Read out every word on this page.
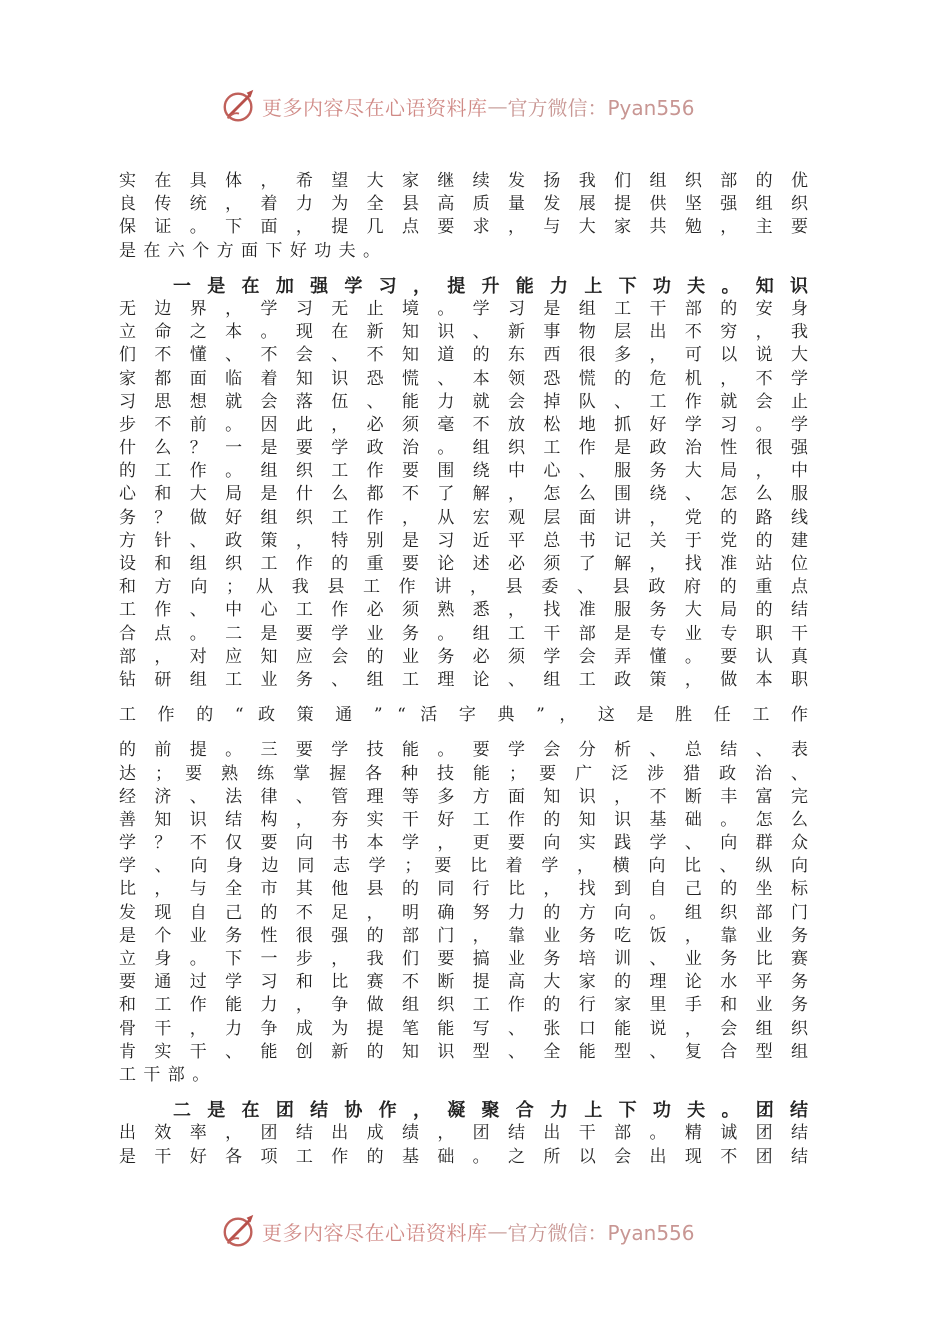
更多内容尽在心语资料库 — 官方微信：Pyan556
实 在 具 体 ， 希 望 大 家 继 续 发 扬 我 们 组 织 部 的 优
良 传 统 ， 着 力 为 全 县 高 质 量 发 展 提 供 坚 强 组 织
保 证 。 下 面 ， 提 几 点 要 求 ， 与 大 家 共 勉 ， 主 要
是 在 六 个 方 面 下 好 功 夫 。
一 是 在 加 强 学 习 ， 提 升 能 力 上 下 功 夫 。 知 识
无 边 界 ， 学 习 无 止 境 。 学 习 是 组 工 干 部 的 安 身
立 命 之 本 。 现 在 新 知 识 、 新 事 物 层 出 不 穷 ， 我
们 不 懂 、 不 会 、 不 知 道 的 东 西 很 多 ， 可 以 说 大
家 都 面 临 着 知 识 恐 慌 、 本 领 恐 慌 的 危 机 ， 不 学
习 思 想 就 会 落 伍 、 能 力 就 会 掉 队 、 工 作 就 会 止
步 不 前 。 因 此 ， 必 须 毫 不 放 松 地 抓 好 学 习 。 学
什 么 ？ 一 是 要 学 政 治 。 组 织 工 作 是 政 治 性 很 强
的 工 作 。 组 织 工 作 要 围 绕 中 心 、 服 务 大 局 ， 中
心 和 大 局 是 什 么 都 不 了 解 ， 怎 么 围 绕 、 怎 么 服
务 ？ 做 好 组 织 工 作 ， 从 宏 观 层 面 讲 ， 党 的 路 线
方 针 、 政 策 ， 特 别 是 习 近 平 总 书 记 关 于 党 的 建
设 和 组 织 工 作 的 重 要 论 述 必 须 了 解 ， 找 准 站 位
和 方 向 ； 从 我 县 工 作 讲 ， 县 委 、 县 政 府 的 重 点
工 作 、 中 心 工 作 必 须 熟 悉 ， 找 准 服 务 大 局 的 结
合 点 。 二 是 要 学 业 务 。 组 工 干 部 是 专 业 专 职 干
部 ， 对 应 知 应 会 的 业 务 必 须 学 会 弄 懂 。 要 认 真
钻 研 组 工 业 务 、 组 工 理 论 、 组 工 政 策 ， 做 本 职
工 作 的 “ 政 策 通 ” “ 活 字 典 ” ， 这 是 胜 任 工 作
的 前 提 。 三 要 学 技 能 。 要 学 会 分 析 、 总 结 、 表
达 ； 要 熟 练 掌 握 各 种 技 能 ； 要 广 泛 涉 猎 政 治 、
经 济 、 法 律 、 管 理 等 多 方 面 知 识 ， 不 断 丰 富 完
善 知 识 结 构 ， 夯 实 干 好 工 作 的 知 识 基 础 。 怎 么
学 ？ 不 仅 要 向 书 本 学 ， 更 要 向 实 践 学 、 向 群 众
学 、 向 身 边 同 志 学 ； 要 比 着 学 ， 横 向 比 、 纵 向
比 ， 与 全 市 其 他 县 的 同 行 比 ， 找 到 自 己 的 坐 标
发 现 自 己 的 不 足 ， 明 确 努 力 的 方 向 。 组 织 部 门
是 个 业 务 性 很 强 的 部 门 ， 靠 业 务 吃 饭 ， 靠 业 务
立 身 。 下 一 步 ， 我 们 要 搞 业 务 培 训 、 业 务 比 赛
要 通 过 学 习 和 比 赛 不 断 提 高 大 家 的 理 论 水 平 务
和 工 作 能 力 ， 争 做 组 织 工 作 的 行 家 里 手 和 业 务
骨 干 ， 力 争 成 为 提 笔 能 写 、 张 口 能 说 ， 会 组 织
肯 实 干 、 能 创 新 的 知 识 型 、 全 能 型 、 复 合 型 组
工 干 部 。
二 是 在 团 结 协 作 ， 凝 聚 合 力 上 下 功 夫 。 团 结
出 效 率 ， 团 结 出 成 绩 ， 团 结 出 干 部 。 精 诚 团 结
是 干 好 各 项 工 作 的 基 础 。 之 所 以 会 出 现 不 团 结
更多内容尽在心语资料库 — 官方微信：Pyan556
